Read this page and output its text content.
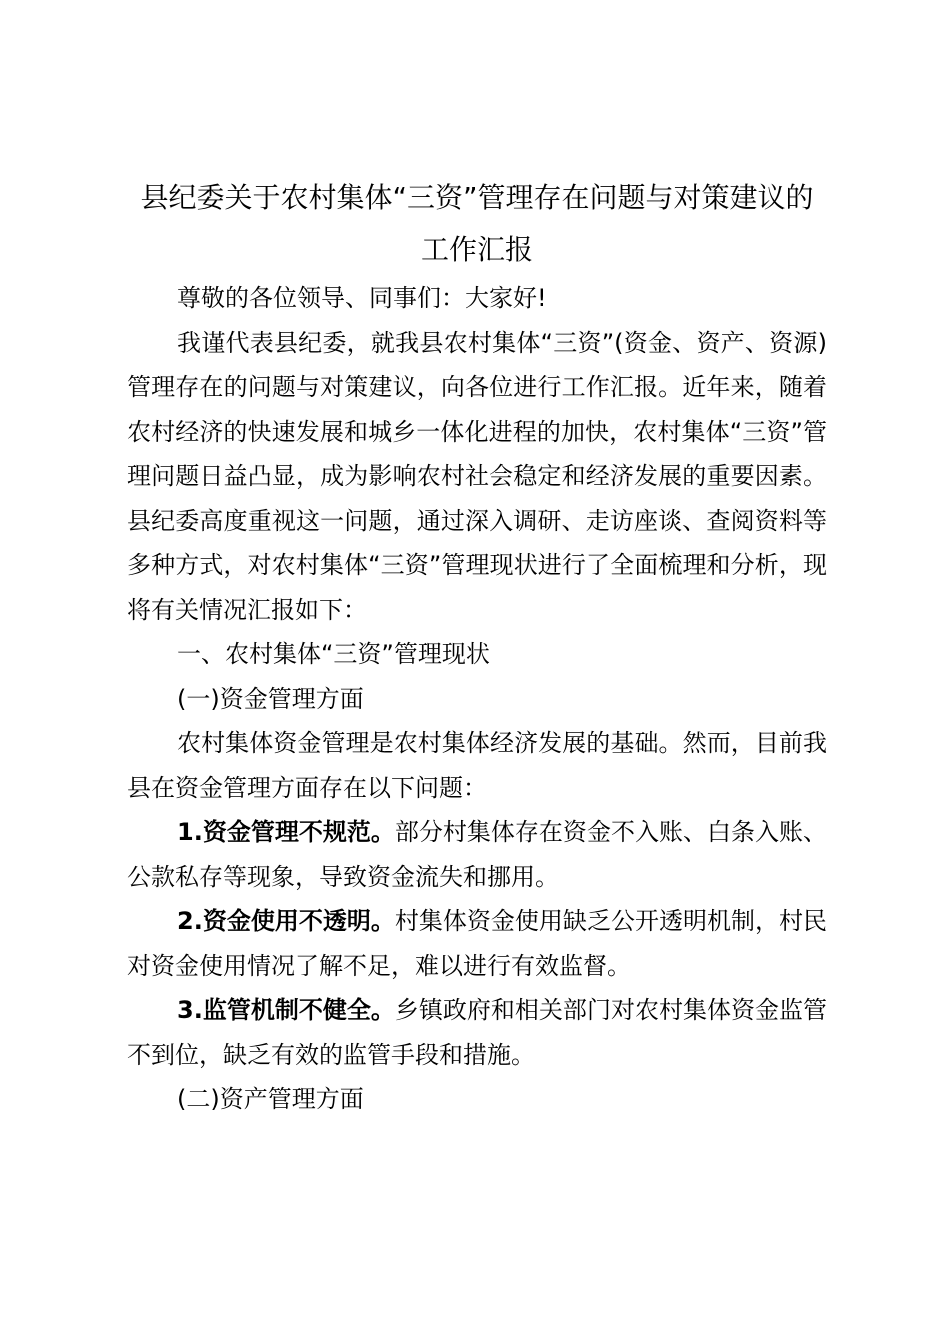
县纪委关于农村集体“三资”管理存在问题与对策建议的
工作汇报

尊敬的各位领导、同事们：大家好!

我谨代表县纪委，就我县农村集体“三资”(资金、资产、资源)管理存在的问题与对策建议，向各位进行工作汇报。近年来，随着农村经济的快速发展和城乡一体化进程的加快，农村集体“三资”管理问题日益凸显，成为影响农村社会稳定和经济发展的重要因素。县纪委高度重视这一问题，通过深入调研、走访座谈、查阅资料等多种方式，对农村集体“三资”管理现状进行了全面梳理和分析，现将有关情况汇报如下：

一、农村集体“三资”管理现状

(一)资金管理方面

农村集体资金管理是农村集体经济发展的基础。然而，目前我县在资金管理方面存在以下问题：

1.资金管理不规范。部分村集体存在资金不入账、白条入账、公款私存等现象，导致资金流失和挪用。

2.资金使用不透明。村集体资金使用缺乏公开透明机制，村民对资金使用情况了解不足，难以进行有效监督。

3.监管机制不健全。乡镇政府和相关部门对农村集体资金监管不到位，缺乏有效的监管手段和措施。

(二)资产管理方面
